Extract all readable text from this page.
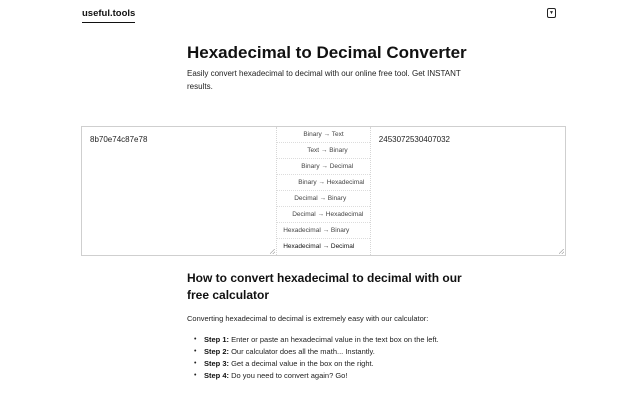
useful.tools	▼
Hexadecimal to Decimal Converter

Easily convert hexadecimal to decimal with our online free tool. Get INSTANT results.

8b70e74c87e78
Binary → Text
Text → Binary
Binary → Decimal
Binary → Hexadecimal
Decimal → Binary
Decimal → Hexadecimal
Hexadecimal → Binary
Hexadecimal → Decimal
2453072530407032
How to convert hexadecimal to decimal with our free calculator

Converting hexadecimal to decimal is extremely easy with our calculator:

• Step 1: Enter or paste an hexadecimal value in the text box on the left.
• Step 2: Our calculator does all the math... Instantly.
• Step 3: Get a decimal value in the box on the right.
• Step 4: Do you need to convert again? Go!
